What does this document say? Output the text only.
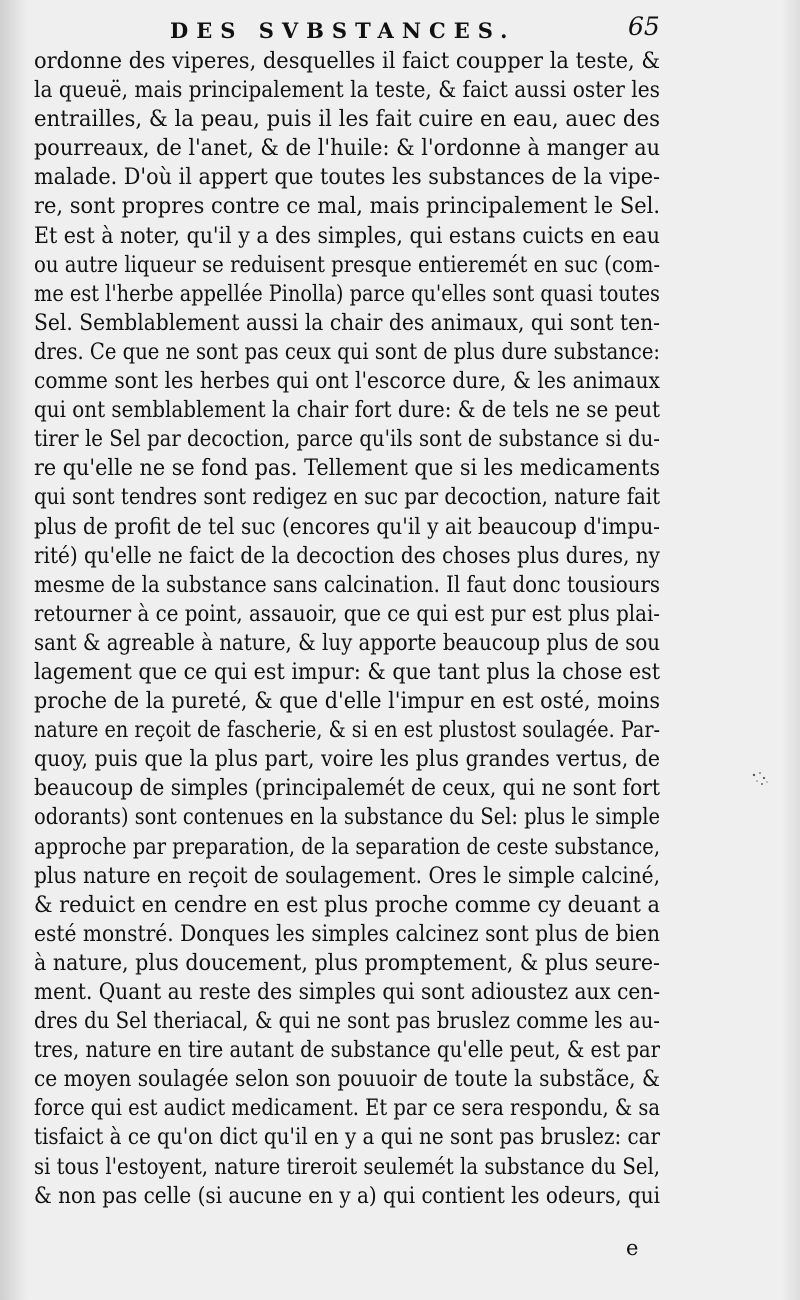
DES SVBSTANCES.	65
ordonne des viperes, desquelles il faict coupper la teste, &
la queuë, mais principalement la teste, & faict aussi oster les
entrailles, & la peau, puis il les fait cuire en eau, auec des
pourreaux, de l'anet, & de l'huile: & l'ordonne à manger au
malade. D'où il appert que toutes les substances de la vipe-
re, sont propres contre ce mal, mais principalement le Sel.
Et est à noter, qu'il y a des simples, qui estans cuicts en eau
ou autre liqueur se reduisent presque entieremét en suc (com-
me est l'herbe appellée Pinolla) parce qu'elles sont quasi toutes
Sel. Semblablement aussi la chair des animaux, qui sont ten-
dres. Ce que ne sont pas ceux qui sont de plus dure substance:
comme sont les herbes qui ont l'escorce dure, & les animaux
qui ont semblablement la chair fort dure: & de tels ne se peut
tirer le Sel par decoction, parce qu'ils sont de substance si du-
re qu'elle ne se fond pas. Tellement que si les medicaments
qui sont tendres sont redigez en suc par decoction, nature fait
plus de profit de tel suc (encores qu'il y ait beaucoup d'impu-
rité) qu'elle ne faict de la decoction des choses plus dures, ny
mesme de la substance sans calcination. Il faut donc tousiours
retourner à ce point, assauoir, que ce qui est pur est plus plai-
sant & agreable à nature, & luy apporte beaucoup plus de sou
lagement que ce qui est impur: & que tant plus la chose est
proche de la pureté, & que d'elle l'impur en est osté, moins
nature en reçoit de fascherie, & si en est plustost soulagée. Par-
quoy, puis que la plus part, voire les plus grandes vertus, de
beaucoup de simples (principalemét de ceux, qui ne sont fort
odorants) sont contenues en la substance du Sel: plus le simple
approche par preparation, de la separation de ceste substance,
plus nature en reçoit de soulagement. Ores le simple calciné,
& reduict en cendre en est plus proche comme cy deuant a
esté monstré. Donques les simples calcinez sont plus de bien
à nature, plus doucement, plus promptement, & plus seure-
ment. Quant au reste des simples qui sont adioustez aux cen-
dres du Sel theriacal, & qui ne sont pas bruslez comme les au-
tres, nature en tire autant de substance qu'elle peut, & est par
ce moyen soulagée selon son pouuoir de toute la substãce, &
force qui est audict medicament. Et par ce sera respondu, & sa
tisfaict à ce qu'on dict qu'il en y a qui ne sont pas bruslez: car
si tous l'estoyent, nature tireroit seulemét la substance du Sel,
& non pas celle (si aucune en y a) qui contient les odeurs, qui
e
